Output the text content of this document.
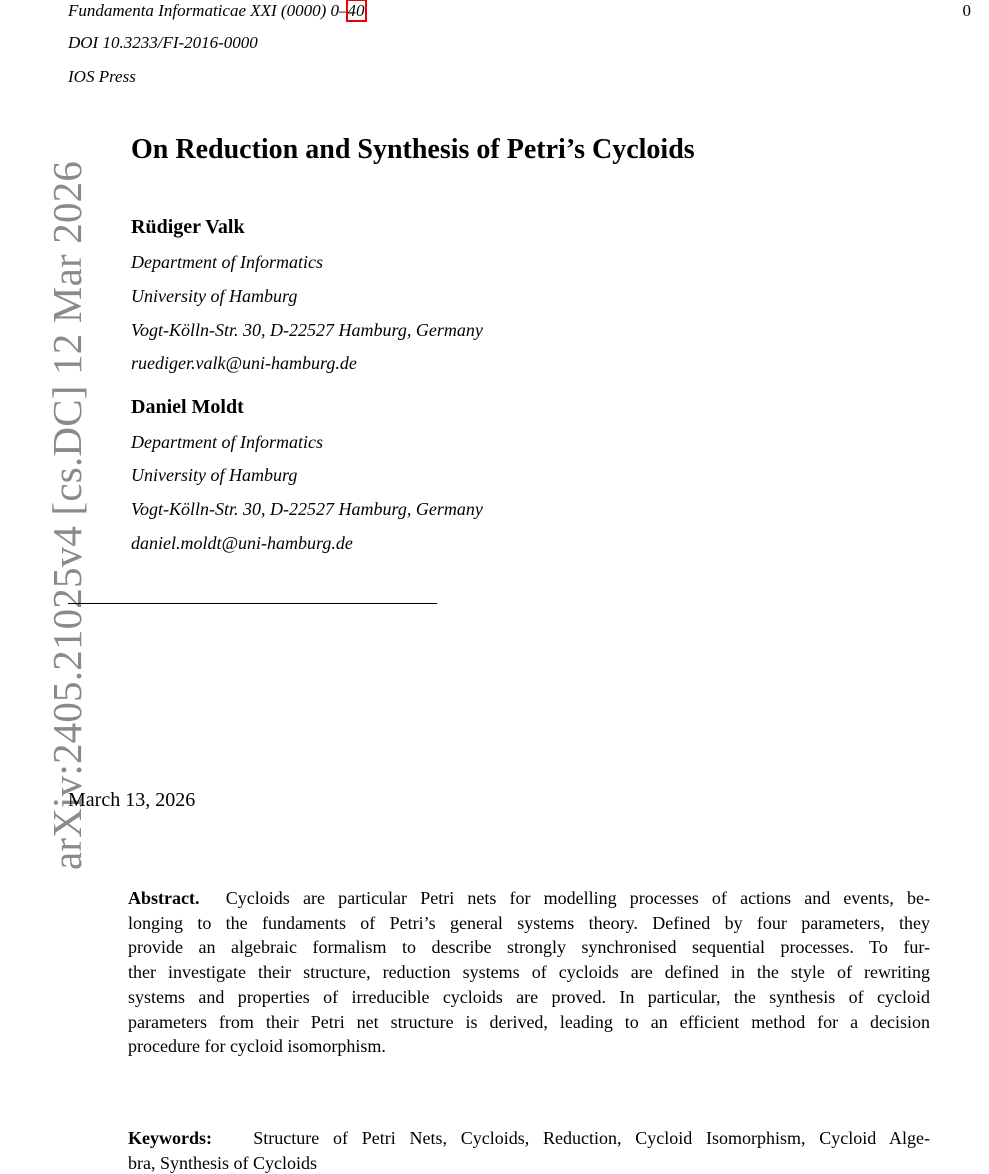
Fundamenta Informaticae XXI (0000) 0–40
DOI 10.3233/FI-2016-0000
IOS Press
0
arXiv:2405.21025v4 [cs.DC] 12 Mar 2026
On Reduction and Synthesis of Petri’s Cycloids
Rüdiger Valk
Department of Informatics
University of Hamburg
Vogt-Kölln-Str. 30, D-22527 Hamburg, Germany
ruediger.valk@uni-hamburg.de
Daniel Moldt
Department of Informatics
University of Hamburg
Vogt-Kölln-Str. 30, D-22527 Hamburg, Germany
daniel.moldt@uni-hamburg.de
March 13, 2026
Abstract. Cycloids are particular Petri nets for modelling processes of actions and events, be-
longing to the fundaments of Petri’s general systems theory. Defined by four parameters, they
provide an algebraic formalism to describe strongly synchronised sequential processes. To fur-
ther investigate their structure, reduction systems of cycloids are defined in the style of rewriting
systems and properties of irreducible cycloids are proved. In particular, the synthesis of cycloid
parameters from their Petri net structure is derived, leading to an efficient method for a decision
procedure for cycloid isomorphism.
Keywords: Structure of Petri Nets, Cycloids, Reduction, Cycloid Isomorphism, Cycloid Alge-
bra, Synthesis of Cycloids
